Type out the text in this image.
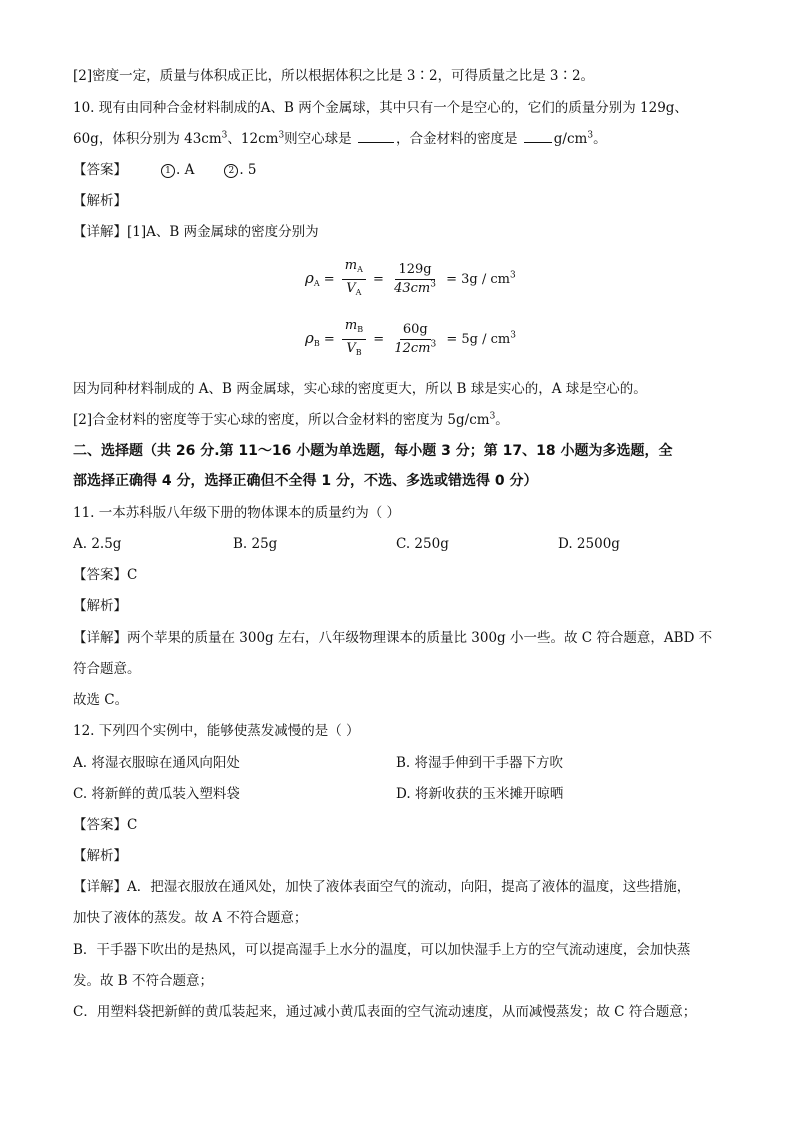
[2]密度一定，质量与体积成正比，所以根据体积之比是 3∶2，可得质量之比是 3∶2。
10. 现有由同种合金材料制成的A、B 两个金属球，其中只有一个是空心的，它们的质量分别为 129g、
60g，体积分别为 $43cm^3$、$12cm^3$则空心球是	，合金材料的密度是 $g/cm^3$。
【答案】	1 . A	2 . 5
【解析】
【详解】[1]A、B 两金属球的密度分别为
$\rho_A = \frac{m_A}{V_A} = \frac{129g}{43cm^3} = 3g / cm^3$
$\rho_B = \frac{m_B}{V_B} = \frac{60g}{12cm^3} = 5g / cm^3$
因为同种材料制成的 A、B 两金属球，实心球的密度更大，所以 B 球是实心的，A 球是空心的。
[2]合金材料的密度等于实心球的密度，所以合金材料的密度为 $5g/cm^3$。
二、选择题（共 26 分.第 11～16 小题为单选题，每小题 3 分；第 17、18 小题为多选题，全
部选择正确得 4 分，选择正确但不全得 1 分，不选、多选或错选得 0 分）
11. 一本苏科版八年级下册的物体课本的质量约为（ ）
A. 2.5g	B. 25g	C. 250g	D. 2500g
【答案】C
【解析】
【详解】两个苹果的质量在 300g 左右，八年级物理课本的质量比 300g 小一些。故 C 符合题意，ABD 不
符合题意。
故选 C。
12. 下列四个实例中，能够使蒸发减慢的是（ ）
A. 将湿衣服晾在通风向阳处	B. 将湿手伸到干手器下方吹
C. 将新鲜的黄瓜装入塑料袋	D. 将新收获的玉米摊开晾晒
【答案】C
【解析】
【详解】A．把湿衣服放在通风处，加快了液体表面空气的流动，向阳，提高了液体的温度，这些措施，
加快了液体的蒸发。故 A 不符合题意；
B．干手器下吹出的是热风，可以提高湿手上水分的温度，可以加快湿手上方的空气流动速度，会加快蒸
发。故 B 不符合题意；
C．用塑料袋把新鲜的黄瓜装起来，通过减小黄瓜表面的空气流动速度，从而减慢蒸发；故 C 符合题意；
